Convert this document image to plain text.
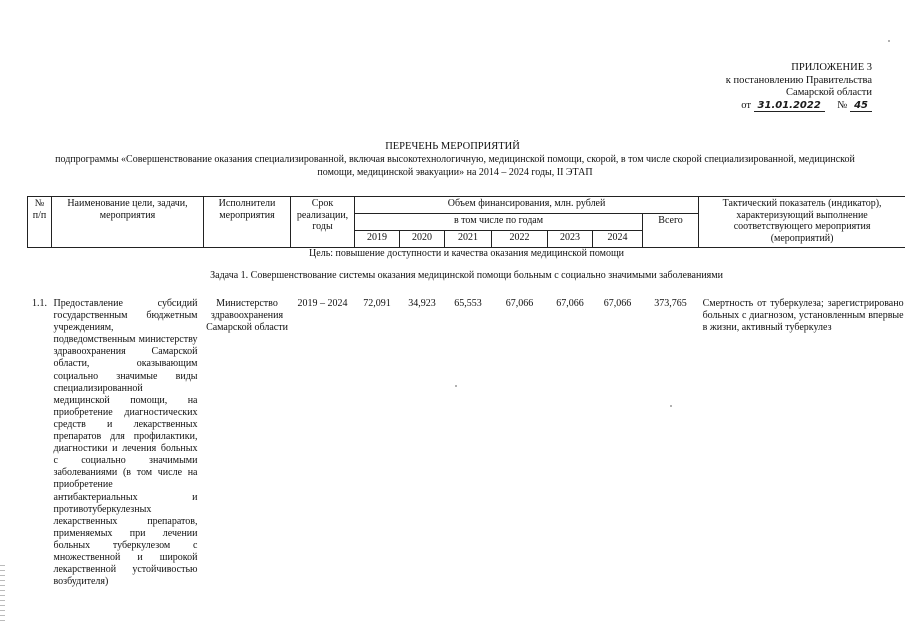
ПРИЛОЖЕНИЕ 3
к постановлению Правительства
Самарской области
от 31.01.2022 № 45
ПЕРЕЧЕНЬ МЕРОПРИЯТИЙ
подпрограммы «Совершенствование оказания специализированной, включая высокотехнологичную, медицинской помощи, скорой, в том числе скорой специализированной, медицинской помощи, медицинской эвакуации» на 2014 – 2024 годы, II ЭТАП
№ п/п	Наименование цели, задачи, мероприятия	Исполнители мероприятия	Срок реализации, годы	Объем финансирования, млн. рублей							Тактический показатель (индикатор), характеризующий выполнение соответствующего мероприятия (мероприятий)
				в том числе по годам						Всего	
				2019	2020	2021	2022	2023	2024		
Цель: повышение доступности и качества оказания медицинской помощи											
Задача 1. Совершенствование системы оказания медицинской помощи больным с социально значимыми заболеваниями											

1.1.	Предоставление субсидий государственным бюджетным учреждениям, подведомственным министерству здравоохранения Самарской области, оказывающим социально значимые виды специализированной медицинской помощи, на приобретение диагностических средств и лекарственных препаратов для профилактики, диагностики и лечения больных с социально значимыми заболеваниями (в том числе на приобретение антибактериальных и противотуберкулезных лекарственных препаратов, применяемых при лечении больных туберкулезом с множественной и широкой лекарственной устойчивостью возбудителя)	Министерство здравоохранения Самарской области	2019 – 2024	72,091	34,923	65,553	67,066	67,066	67,066	373,765	Смертность от туберкулеза; зарегистрировано больных с диагнозом, установленным впервые в жизни, активный туберкулез
